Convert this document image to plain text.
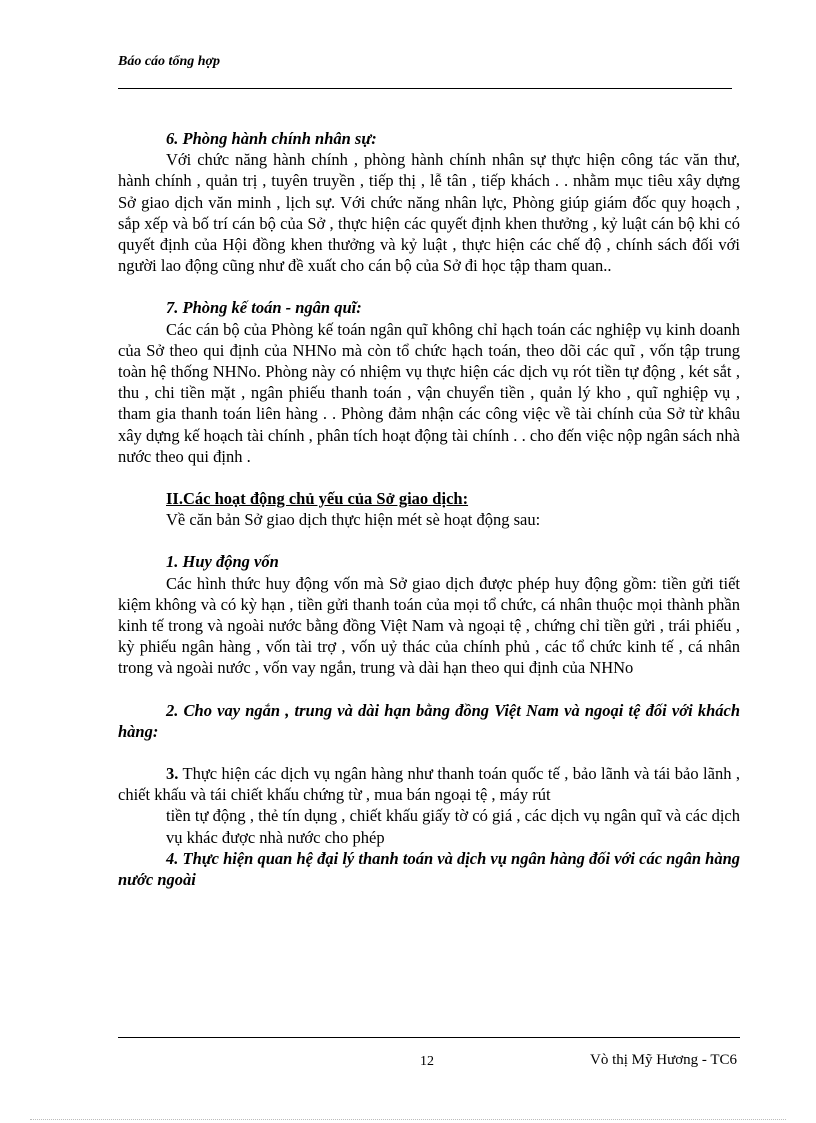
Báo cáo tổng hợp

6. Phòng hành chính nhân sự:

Với chức năng hành chính , phòng hành chính nhân sự thực hiện công tác văn thư, hành chính , quản trị , tuyên truyền , tiếp thị , lễ tân , tiếp khách . . nhằm mục tiêu xây dựng Sở giao dịch văn minh , lịch sự. Với chức năng nhân lực, Phòng giúp giám đốc quy hoạch , sắp xếp và bố trí cán bộ của Sở , thực hiện các quyết định khen thưởng , kỷ luật cán bộ khi có quyết định của Hội đồng khen thưởng và kỷ luật , thực hiện các chế độ , chính sách đối với người lao động cũng như đề xuất cho cán bộ của Sở đi học tập tham quan..

7. Phòng kế toán - ngân quĩ:

Các cán bộ của Phòng kế toán ngân quĩ không chỉ hạch toán các nghiệp vụ kinh doanh của Sở theo qui định của NHNo mà còn tổ chức hạch toán, theo dõi các quĩ , vốn tập trung toàn hệ thống NHNo. Phòng này có nhiệm vụ thực hiện các dịch vụ rót tiền tự động , két sắt , thu , chi tiền mặt , ngân phiếu thanh toán , vận chuyển tiền , quản lý kho , quĩ nghiệp vụ , tham gia thanh toán liên hàng . . Phòng đảm nhận các công việc về tài chính của Sở từ khâu xây dựng kế hoạch tài chính , phân tích hoạt động tài chính . . cho đến việc nộp ngân sách nhà nước theo qui định .

II.Các hoạt động chủ yếu của Sở giao dịch:

Về căn bản Sở giao dịch thực hiện mét sè hoạt động sau:

1. Huy động vốn

Các hình thức huy động vốn mà Sở giao dịch được phép huy động gồm: tiền gửi tiết kiệm không và có kỳ hạn , tiền gửi thanh toán của mọi tổ chức, cá nhân thuộc mọi thành phần kinh tế trong và ngoài nước bằng đồng Việt Nam và ngoại tệ , chứng chỉ tiền gửi , trái phiếu , kỳ phiếu ngân hàng , vốn tài trợ , vốn uỷ thác của chính phủ , các tổ chức kinh tế , cá nhân trong và ngoài nước , vốn vay ngắn, trung và dài hạn theo qui định của NHNo

2. Cho vay ngắn , trung và dài hạn bằng đồng Việt Nam và ngoại tệ đối với khách hàng:

3. Thực hiện các dịch vụ ngân hàng như thanh toán quốc tế , bảo lãnh và tái bảo lãnh , chiết khấu và tái chiết khấu chứng từ , mua bán ngoại tệ , máy rút

tiền tự động , thẻ tín dụng , chiết khấu giấy tờ có giá , các dịch vụ ngân quĩ và các dịch vụ khác được nhà nước cho phép

4. Thực hiện quan hệ đại lý thanh toán và dịch vụ ngân hàng đối với các ngân hàng nước ngoài

12	Vò thị Mỹ Hương - TC6
